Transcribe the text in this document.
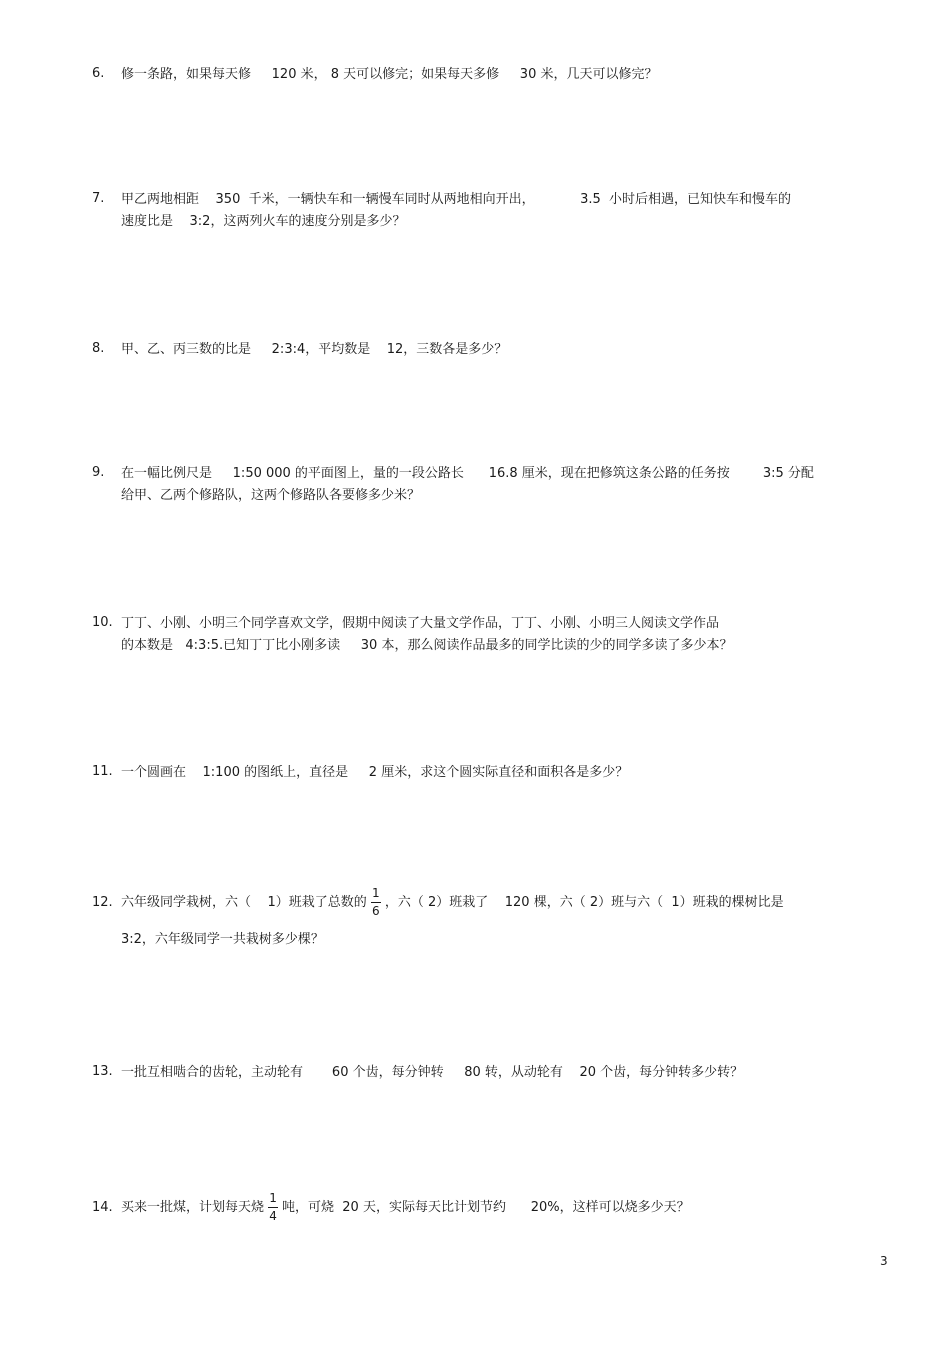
6. 修一条路，如果每天修     120 米， 8 天可以修完；如果每天多修     30 米，几天可以修完？
7. 甲乙两地相距    350  千米，一辆快车和一辆慢车同时从两地相向开出，           3.5  小时后相遇，已知快车和慢车的
速度比是    3:2，这两列火车的速度分别是多少？
8. 甲、乙、丙三数的比是     2:3:4，平均数是    12，三数各是多少？
9. 在一幅比例尺是     1:50 000 的平面图上，量的一段公路长      16.8 厘米，现在把修筑这条公路的任务按        3:5 分配
给甲、乙两个修路队，这两个修路队各要修多少米？
10. 丁丁、小刚、小明三个同学喜欢文学，假期中阅读了大量文学作品，丁丁、小刚、小明三人阅读文学作品
的本数是   4:3:5.已知丁丁比小刚多读     30 本，那么阅读作品最多的同学比读的少的同学多读了多少本？
11. 一个圆画在    1:100 的图纸上，直径是     2 厘米，求这个圆实际直径和面积各是多少？
12. 六年级同学栽树，六（    1）班栽了总数的 $\frac{1}{6}$ ，六（ 2）班栽了    120 棵，六（ 2）班与六（  1）班栽的棵树比是
3:2，六年级同学一共栽树多少棵？
13. 一批互相啮合的齿轮，主动轮有       60 个齿，每分钟转     80 转，从动轮有    20 个齿，每分钟转多少转？
14. 买来一批煤，计划每天烧 $\frac{1}{4}$ 吨，可烧  20 天，实际每天比计划节约      20%，这样可以烧多少天？
3
